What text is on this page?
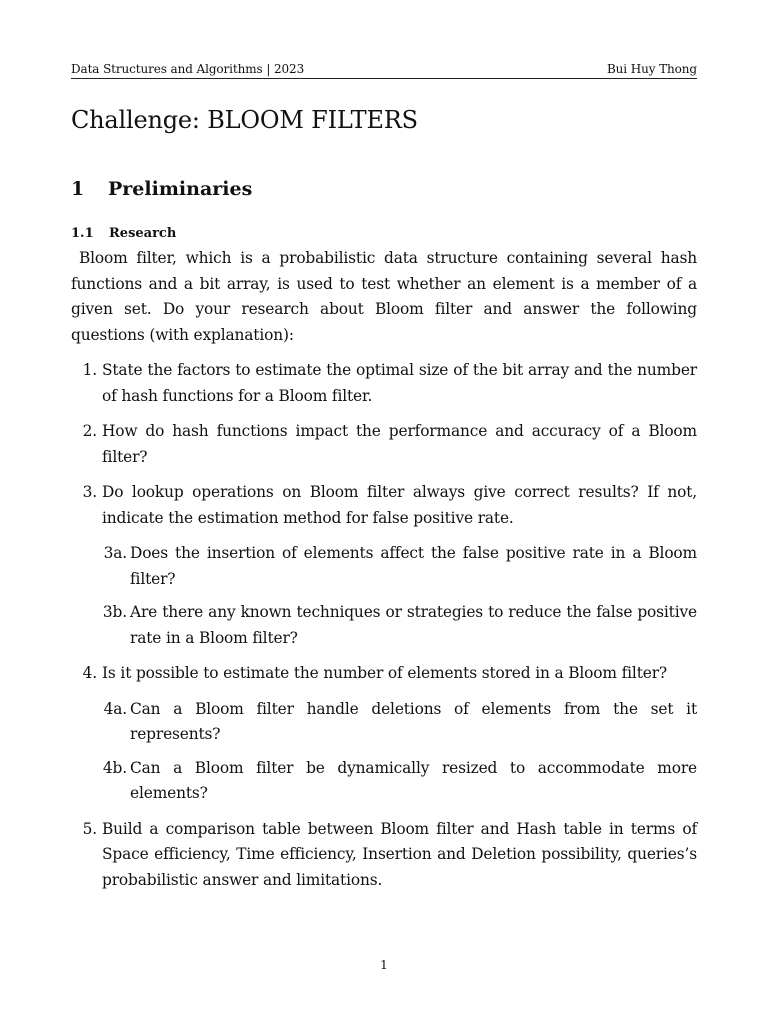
Data Structures and Algorithms | 2023	Bui Huy Thong
Challenge: BLOOM FILTERS
1	Preliminaries
1.1	Research

Bloom filter, which is a probabilistic data structure containing several hash functions and a bit array, is used to test whether an element is a member of a given set. Do your research about Bloom filter and answer the following questions (with explanation):

1. State the factors to estimate the optimal size of the bit array and the number of hash functions for a Bloom filter.
2. How do hash functions impact the performance and accuracy of a Bloom filter?
3. Do lookup operations on Bloom filter always give correct results? If not, indicate the estimation method for false positive rate.
3a. Does the insertion of elements affect the false positive rate in a Bloom filter?
3b. Are there any known techniques or strategies to reduce the false positive rate in a Bloom filter?
4. Is it possible to estimate the number of elements stored in a Bloom filter?
4a. Can a Bloom filter handle deletions of elements from the set it represents?
4b. Can a Bloom filter be dynamically resized to accommodate more elements?
5. Build a comparison table between Bloom filter and Hash table in terms of Space efficiency, Time efficiency, Insertion and Deletion possibility, queries’s probabilistic answer and limitations.
1
